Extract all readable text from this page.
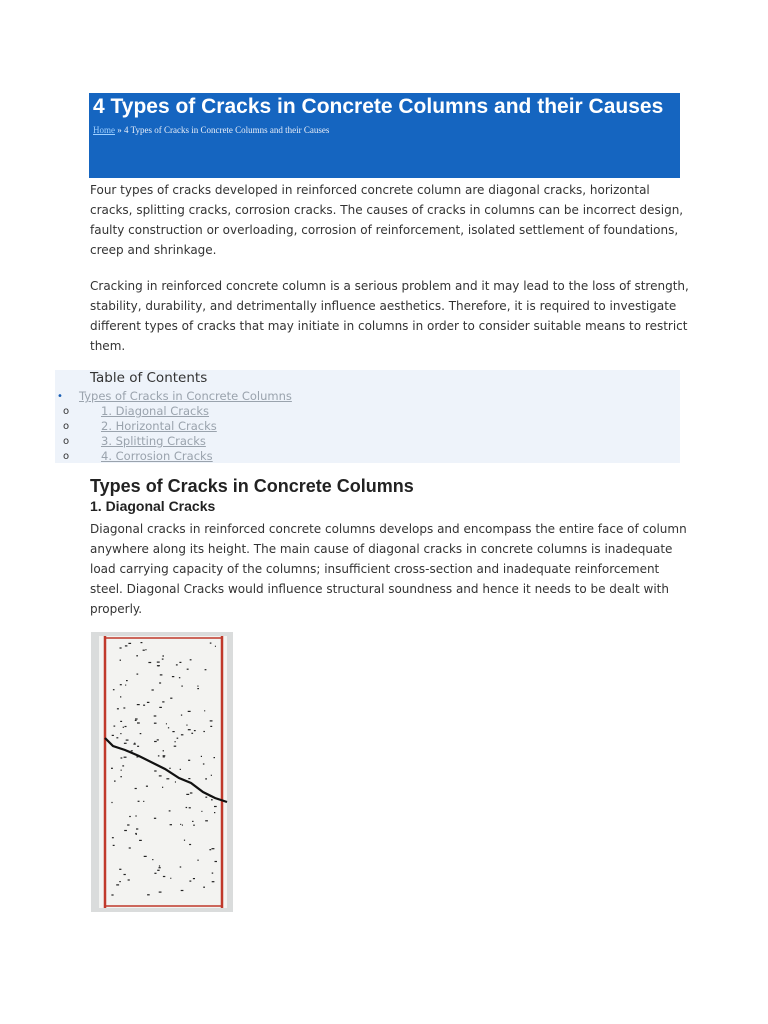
4 Types of Cracks in Concrete Columns and their Causes
Home » 4 Types of Cracks in Concrete Columns and their Causes

Four types of cracks developed in reinforced concrete column are diagonal cracks, horizontal cracks, splitting cracks, corrosion cracks. The causes of cracks in columns can be incorrect design, faulty construction or overloading, corrosion of reinforcement, isolated settlement of foundations, creep and shrinkage.

Cracking in reinforced concrete column is a serious problem and it may lead to the loss of strength, stability, durability, and detrimentally influence aesthetics. Therefore, it is required to investigate different types of cracks that may initiate in columns in order to consider suitable means to restrict them.

Table of Contents
• Types of Cracks in Concrete Columns
o	1. Diagonal Cracks
o	2. Horizontal Cracks
o	3. Splitting Cracks
o	4. Corrosion Cracks
Types of Cracks in Concrete Columns
1. Diagonal Cracks

Diagonal cracks in reinforced concrete columns develops and encompass the entire face of column anywhere along its height. The main cause of diagonal cracks in concrete columns is inadequate load carrying capacity of the columns; insufficient cross-section and inadequate reinforcement steel. Diagonal Cracks would influence structural soundness and hence it needs to be dealt with properly.
